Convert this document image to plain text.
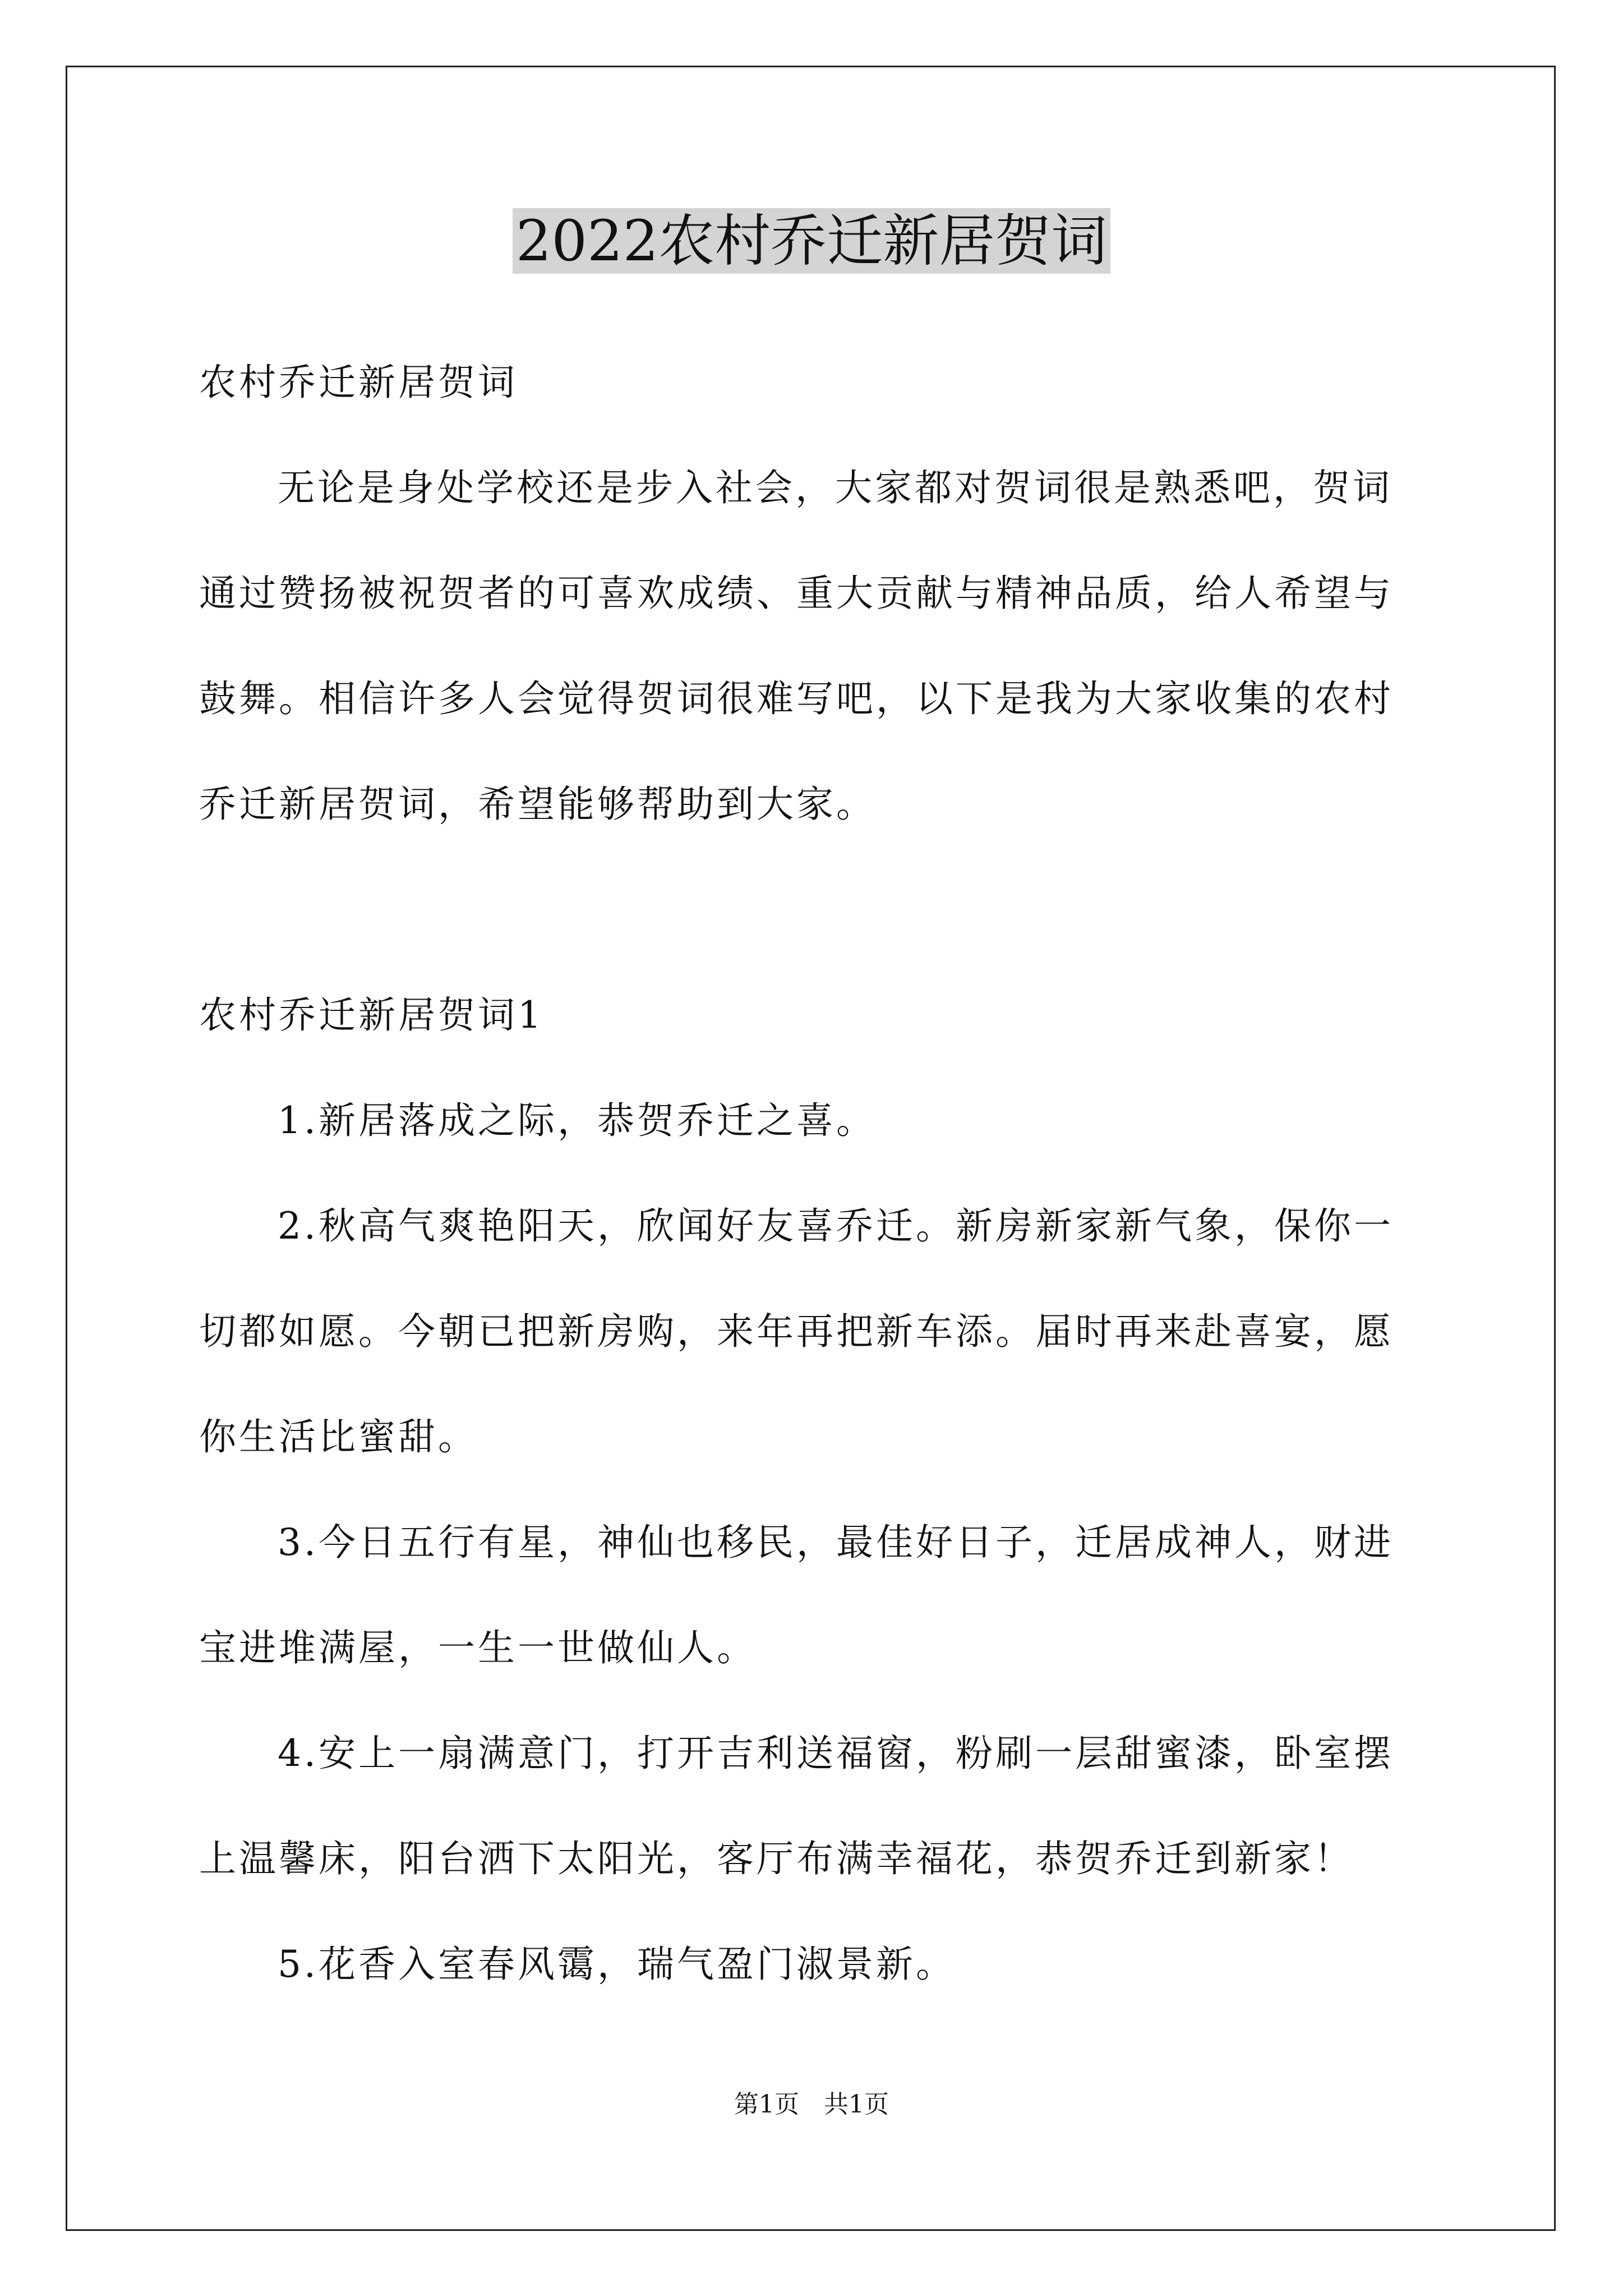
2022农村乔迁新居贺词
农村乔迁新居贺词
无论是身处学校还是步入社会，大家都对贺词很是熟悉吧，贺词
通过赞扬被祝贺者的可喜欢成绩、重大贡献与精神品质，给人希望与
鼓舞。相信许多人会觉得贺词很难写吧，以下是我为大家收集的农村
乔迁新居贺词，希望能够帮助到大家。
农村乔迁新居贺词1
1.新居落成之际，恭贺乔迁之喜。
2.秋高气爽艳阳天，欣闻好友喜乔迁。新房新家新气象，保你一
切都如愿。今朝已把新房购，来年再把新车添。届时再来赴喜宴，愿
你生活比蜜甜。
3.今日五行有星，神仙也移民，最佳好日子，迁居成神人，财进
宝进堆满屋，一生一世做仙人。
4.安上一扇满意门，打开吉利送福窗，粉刷一层甜蜜漆，卧室摆
上温馨床，阳台洒下太阳光，客厅布满幸福花，恭贺乔迁到新家！
5.花香入室春风霭，瑞气盈门淑景新。
第1页　共1页
